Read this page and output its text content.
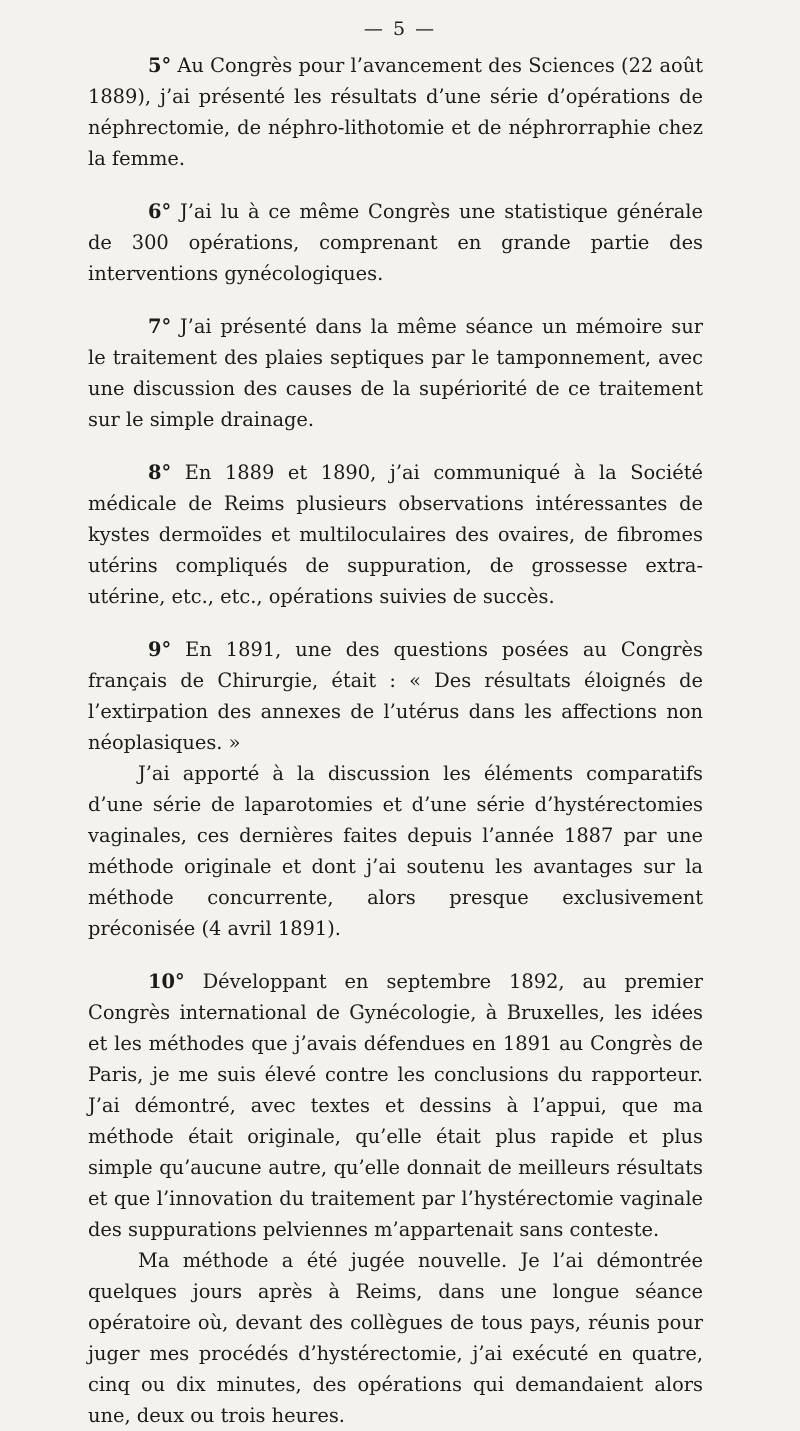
— 5 —

5° Au Congrès pour l’avancement des Sciences (22 août 1889), j’ai présenté les résultats d’une série d’opérations de néphrectomie, de néphro-lithotomie et de néphrorraphie chez la femme.

6° J’ai lu à ce même Congrès une statistique générale de 300 opérations, comprenant en grande partie des interventions gynécologiques.

7° J’ai présenté dans la même séance un mémoire sur le traitement des plaies septiques par le tamponnement, avec une discussion des causes de la supériorité de ce traitement sur le simple drainage.

8° En 1889 et 1890, j’ai communiqué à la Société médicale de Reims plusieurs observations intéressantes de kystes dermoïdes et multiloculaires des ovaires, de fibromes utérins compliqués de suppuration, de grossesse extra-utérine, etc., etc., opérations suivies de succès.

9° En 1891, une des questions posées au Congrès français de Chirurgie, était : « Des résultats éloignés de l’extirpation des annexes de l’utérus dans les affections non néoplasiques. »

J’ai apporté à la discussion les éléments comparatifs d’une série de laparotomies et d’une série d’hystérectomies vaginales, ces dernières faites depuis l’année 1887 par une méthode originale et dont j’ai soutenu les avantages sur la méthode concurrente, alors presque exclusivement préconisée (4 avril 1891).

10° Développant en septembre 1892, au premier Congrès international de Gynécologie, à Bruxelles, les idées et les méthodes que j’avais défendues en 1891 au Congrès de Paris, je me suis élevé contre les conclusions du rapporteur. J’ai démontré, avec textes et dessins à l’appui, que ma méthode était originale, qu’elle était plus rapide et plus simple qu’aucune autre, qu’elle donnait de meilleurs résultats et que l’innovation du traitement par l’hystérectomie vaginale des suppurations pelviennes m’appartenait sans conteste.

Ma méthode a été jugée nouvelle. Je l’ai démontrée quelques jours après à Reims, dans une longue séance opératoire où, devant des collègues de tous pays, réunis pour juger mes procédés d’hystérectomie, j’ai exécuté en quatre, cinq ou dix minutes, des opérations qui demandaient alors une, deux ou trois heures.
